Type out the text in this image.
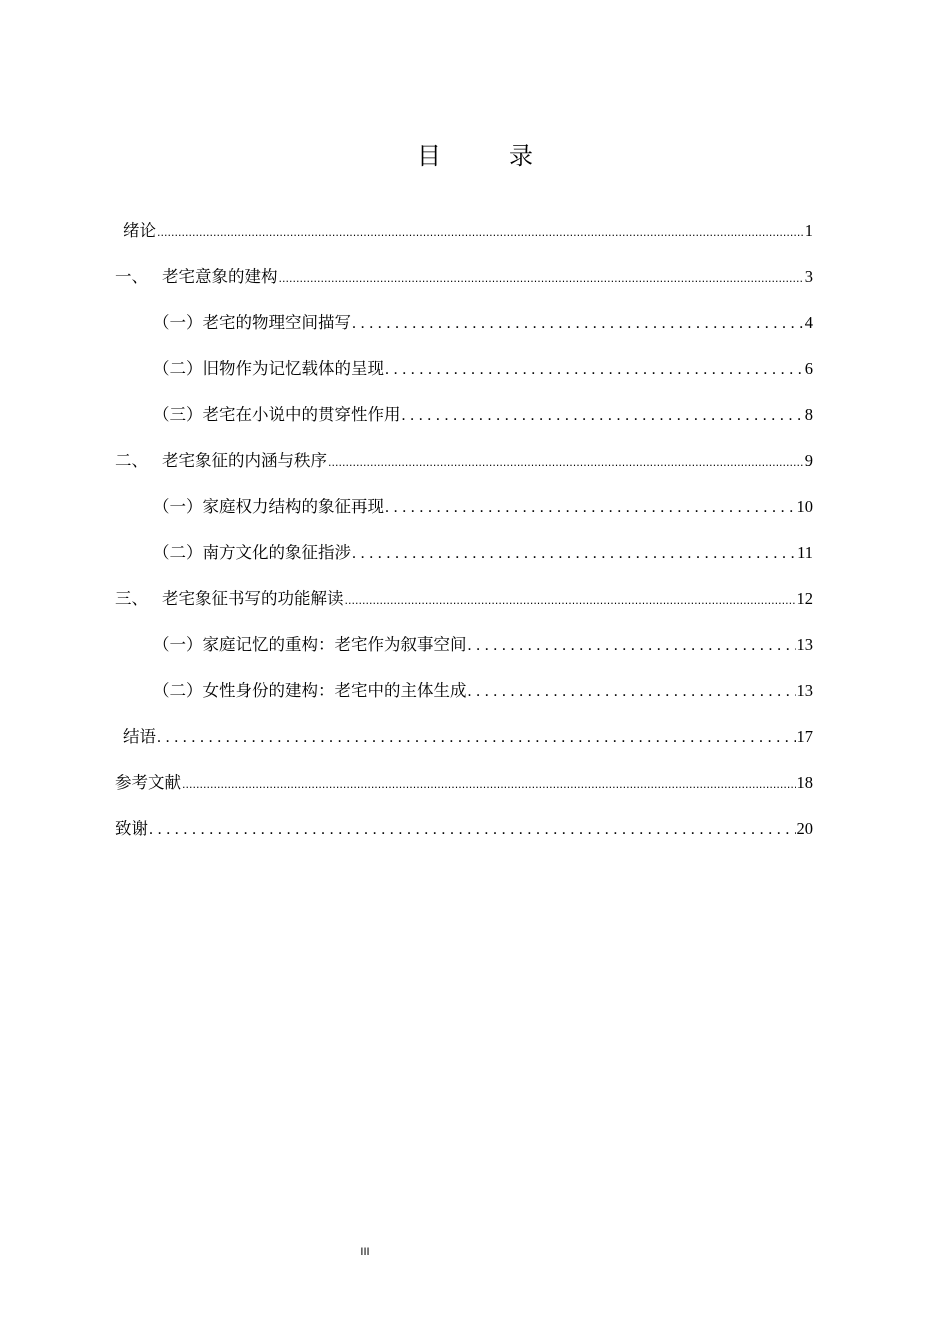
目录
绪论 .....	1
一、 老宅意象的建构 .....	3
（一）老宅的物理空间描写 .....	4
（二）旧物作为记忆载体的呈现 .....	6
（三）老宅在小说中的贯穿性作用 .....	8
二、 老宅象征的内涵与秩序 .....	9
（一）家庭权力结构的象征再现 .....	10
（二）南方文化的象征指涉 .....	11
三、 老宅象征书写的功能解读 .....	12
（一）家庭记忆的重构：老宅作为叙事空间 .....	13
（二）女性身份的建构：老宅中的主体生成 .....	13
结语 .....	17
参考文献 .....	18
致谢 .....	20
III
